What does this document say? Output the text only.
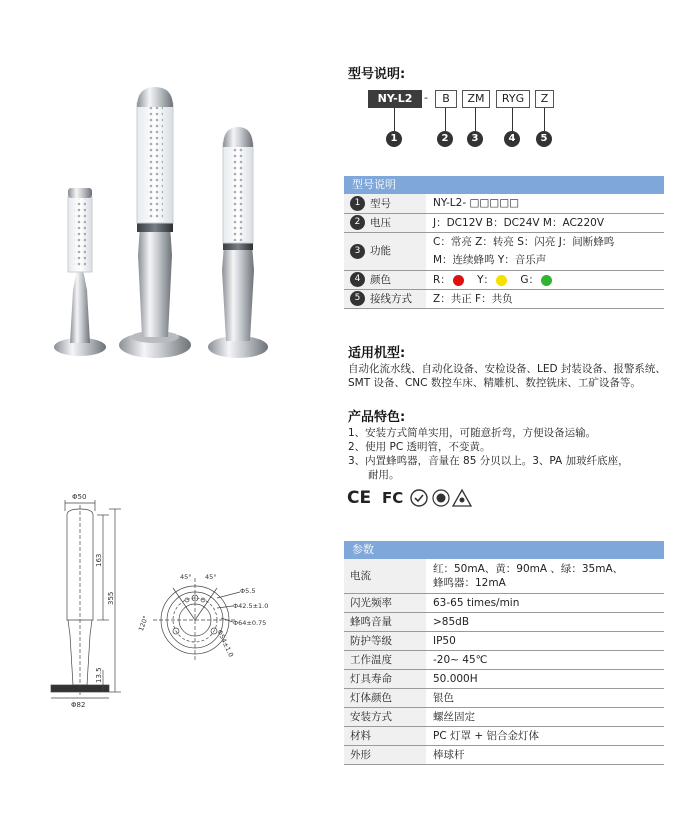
型号说明:
NY-L2	-	B	ZM	RYG	Z
1	2	3	4	5
型号说明
1 型号	NY-L2- □□□□□
2 电压	J：DC12V B：DC24V M：AC220V
3 功能	C：常亮 Z：转亮 S：闪亮 J：间断蜂鸣
M：连续蜂鸣 Y：音乐声

4 颜色	R： Y： G：
5 接线方式	Z：共正 F：共负
适用机型:
自动化流水线、自动化设备、安检设备、LED 封装设备、报警系统、
SMT 设备、CNC 数控车床、精雕机、数控铣床、工矿设备等。
产品特色:
1、安装方式简单实用，可随意折弯，方便设备运输。
2、使用 PC 透明管，不变黄。
3、内置蜂鸣器，音量在 85 分贝以上。3、PA 加玻纤底座，
耐用。
CE FC
参数
电流	红：50mA、黄：90mA 、绿：35mA、
蜂鸣器：12mA

闪光频率	63-65 times/min
蜂鸣音量	>85dB
防护等级	IP50
工作温度	-20~ 45℃
灯具寿命	50.000H
灯体颜色	银色
安装方式	螺丝固定
材料	PC 灯罩 + 铝合金灯体
外形	棒球杆
Φ50
163
355
13.5
Φ82
45° 45°
120°
Φ5.5
Φ42.5±1.0
Φ64±0.75
Φ54±1.0
